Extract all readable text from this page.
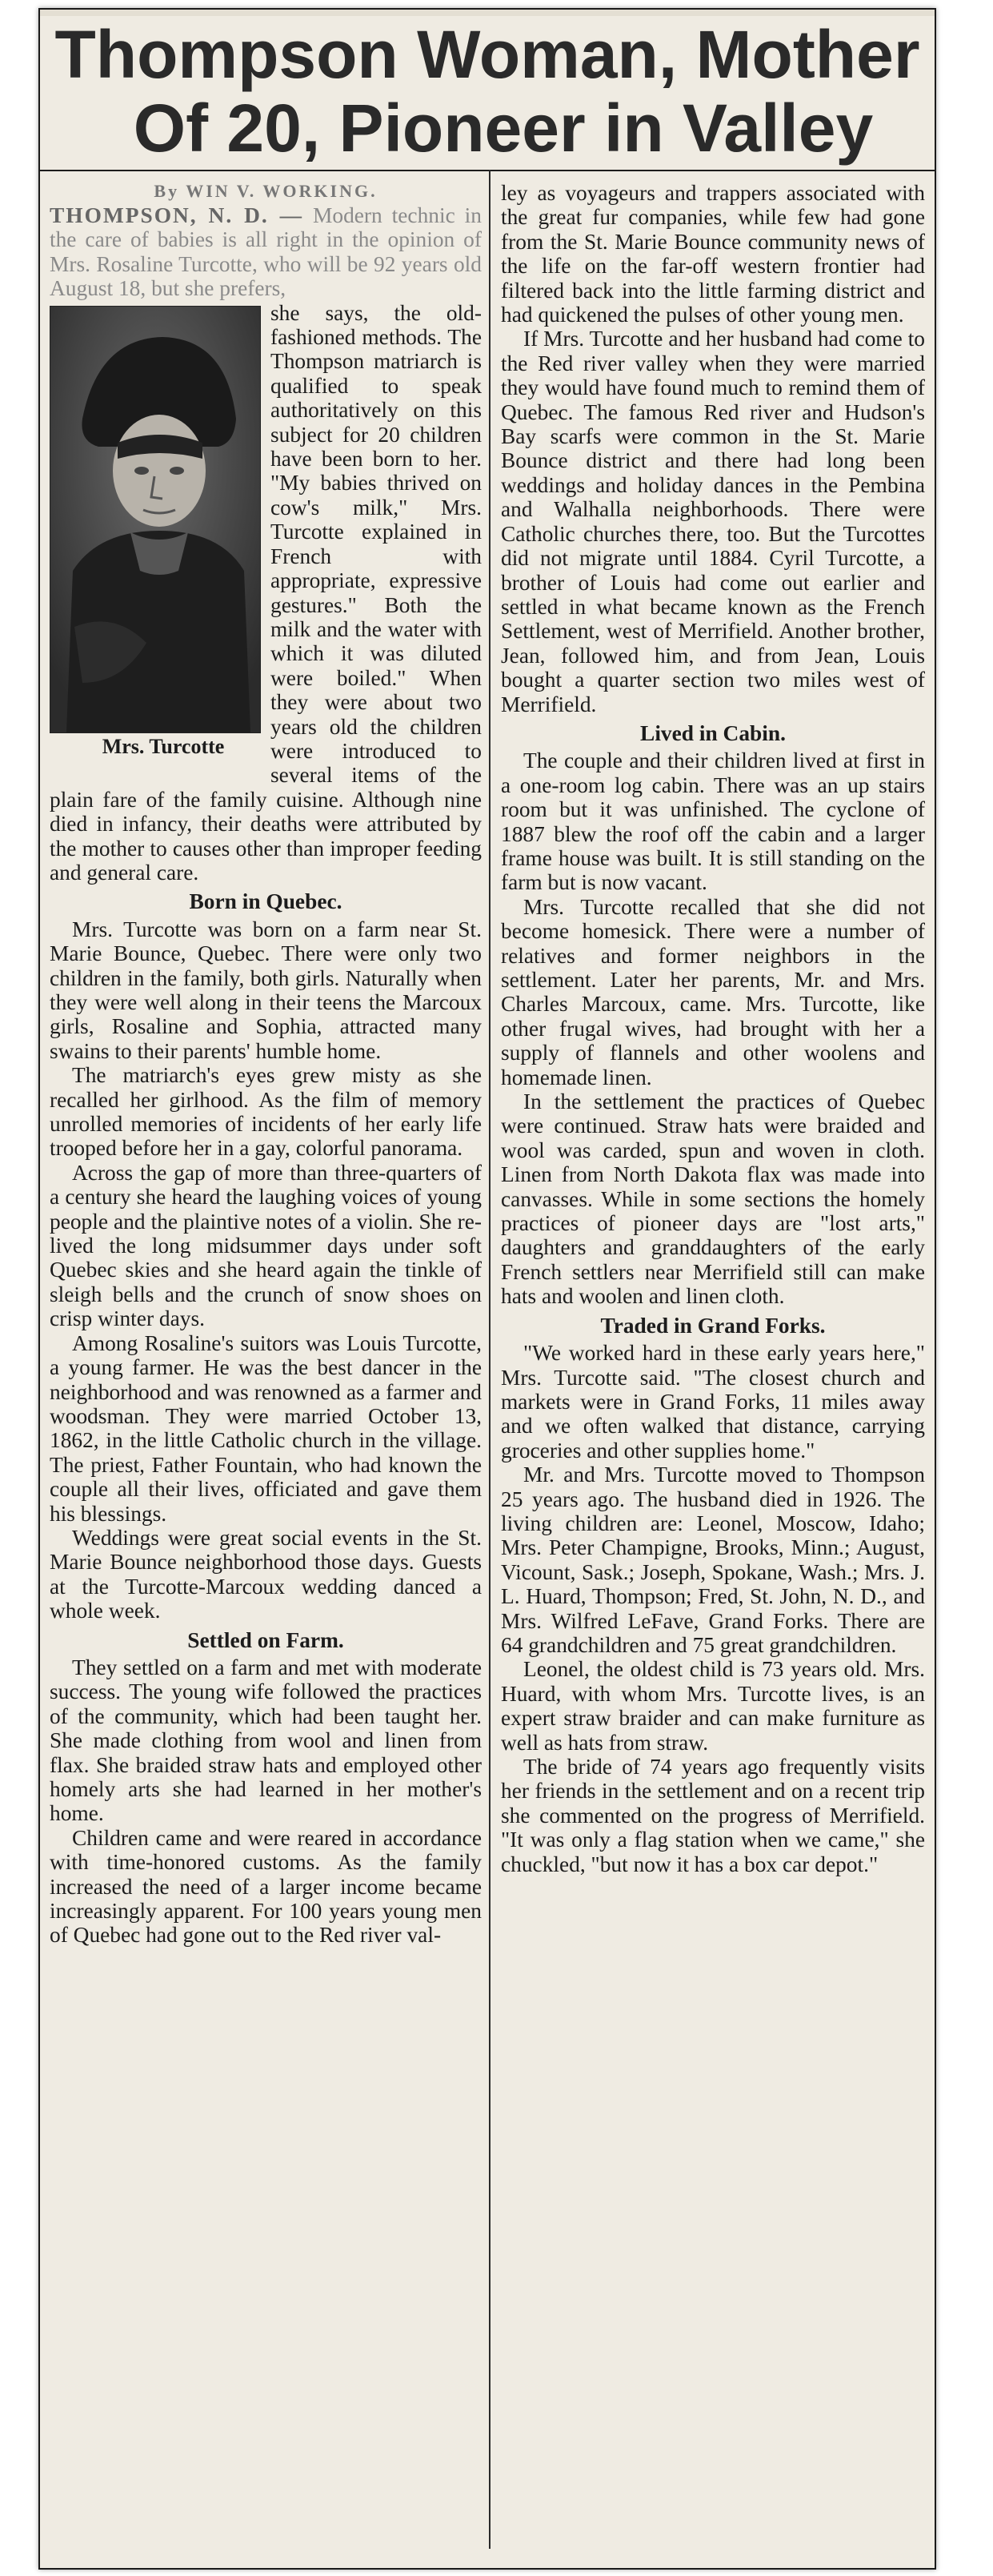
Thompson Woman, Mother
Of 20, Pioneer in Valley
By WIN V. WORKING.

THOMPSON, N. D. — Modern technic in the care of babies is all right in the opinion of Mrs. Rosaline Turcotte, who will be 92 years old August 18, but she prefers,

Mrs. Turcotte

she says, the old-fashioned methods. The Thompson matriarch is qualified to speak authoritatively on this subject for 20 children have been born to her. "My babies thrived on cow's milk," Mrs. Turcotte explained in French with appropriate, expressive gestures." Both the milk and the water with which it was diluted were boiled." When they were about two years old the children were introduced to several items of the plain fare of the family cuisine. Although nine died in infancy, their deaths were attributed by the mother to causes other than improper feeding and general care.

Born in Quebec.

Mrs. Turcotte was born on a farm near St. Marie Bounce, Quebec. There were only two children in the family, both girls. Naturally when they were well along in their teens the Marcoux girls, Rosaline and Sophia, attracted many swains to their parents' humble home.

The matriarch's eyes grew misty as she recalled her girlhood. As the film of memory unrolled memories of incidents of her early life trooped before her in a gay, colorful panorama.

Across the gap of more than three-quarters of a century she heard the laughing voices of young people and the plaintive notes of a violin. She re-lived the long midsummer days under soft Quebec skies and she heard again the tinkle of sleigh bells and the crunch of snow shoes on crisp winter days.

Among Rosaline's suitors was Louis Turcotte, a young farmer. He was the best dancer in the neighborhood and was renowned as a farmer and woodsman. They were married October 13, 1862, in the little Catholic church in the village. The priest, Father Fountain, who had known the couple all their lives, officiated and gave them his blessings.

Weddings were great social events in the St. Marie Bounce neighborhood those days. Guests at the Turcotte-Marcoux wedding danced a whole week.

Settled on Farm.

They settled on a farm and met with moderate success. The young wife followed the practices of the community, which had been taught her. She made clothing from wool and linen from flax. She braided straw hats and employed other homely arts she had learned in her mother's home.

Children came and were reared in accordance with time-honored customs. As the family increased the need of a larger income became increasingly apparent. For 100 years young men of Quebec had gone out to the Red river val-

ley as voyageurs and trappers associated with the great fur companies, while few had gone from the St. Marie Bounce community news of the life on the far-off western frontier had filtered back into the little farming district and had quickened the pulses of other young men.

If Mrs. Turcotte and her husband had come to the Red river valley when they were married they would have found much to remind them of Quebec. The famous Red river and Hudson's Bay scarfs were common in the St. Marie Bounce district and there had long been weddings and holiday dances in the Pembina and Walhalla neighborhoods. There were Catholic churches there, too. But the Turcottes did not migrate until 1884. Cyril Turcotte, a brother of Louis had come out earlier and settled in what became known as the French Settlement, west of Merrifield. Another brother, Jean, followed him, and from Jean, Louis bought a quarter section two miles west of Merrifield.

Lived in Cabin.

The couple and their children lived at first in a one-room log cabin. There was an up stairs room but it was unfinished. The cyclone of 1887 blew the roof off the cabin and a larger frame house was built. It is still standing on the farm but is now vacant.

Mrs. Turcotte recalled that she did not become homesick. There were a number of relatives and former neighbors in the settlement. Later her parents, Mr. and Mrs. Charles Marcoux, came. Mrs. Turcotte, like other frugal wives, had brought with her a supply of flannels and other woolens and homemade linen.

In the settlement the practices of Quebec were continued. Straw hats were braided and wool was carded, spun and woven in cloth. Linen from North Dakota flax was made into canvasses. While in some sections the homely practices of pioneer days are "lost arts," daughters and granddaughters of the early French settlers near Merrifield still can make hats and woolen and linen cloth.

Traded in Grand Forks.

"We worked hard in these early years here," Mrs. Turcotte said. "The closest church and markets were in Grand Forks, 11 miles away and we often walked that distance, carrying groceries and other supplies home."

Mr. and Mrs. Turcotte moved to Thompson 25 years ago. The husband died in 1926. The living children are: Leonel, Moscow, Idaho; Mrs. Peter Champigne, Brooks, Minn.; August, Vicount, Sask.; Joseph, Spokane, Wash.; Mrs. J. L. Huard, Thompson; Fred, St. John, N. D., and Mrs. Wilfred LeFave, Grand Forks. There are 64 grandchildren and 75 great grandchildren.

Leonel, the oldest child is 73 years old. Mrs. Huard, with whom Mrs. Turcotte lives, is an expert straw braider and can make furniture as well as hats from straw.

The bride of 74 years ago frequently visits her friends in the settlement and on a recent trip she commented on the progress of Merrifield. "It was only a flag station when we came," she chuckled, "but now it has a box car depot."
